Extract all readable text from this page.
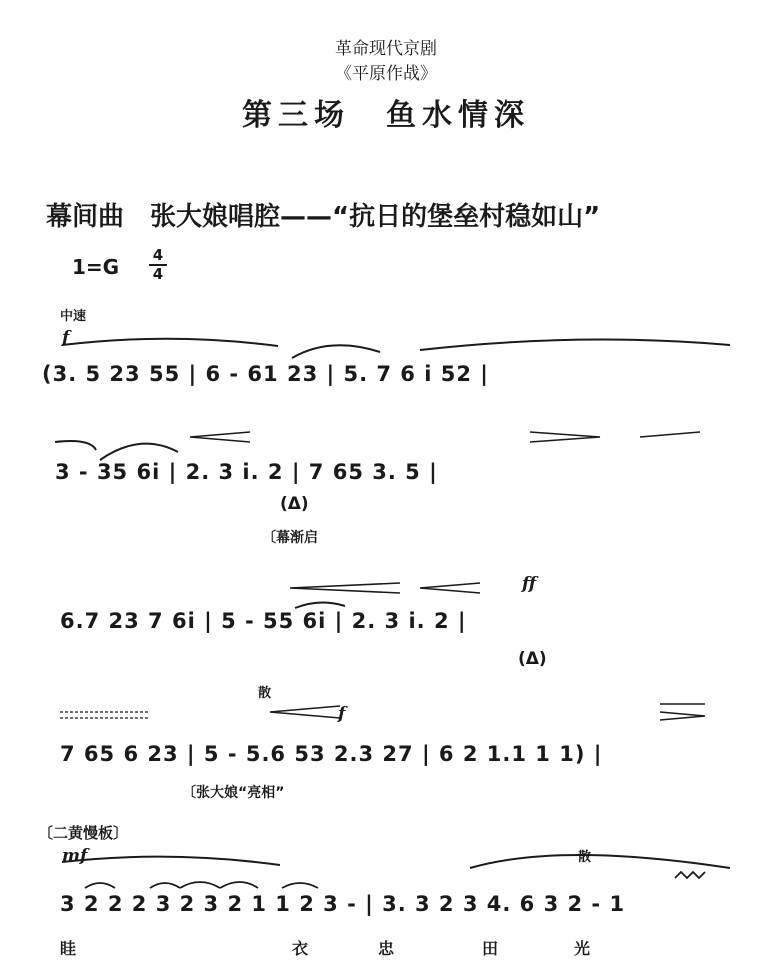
革命现代京剧
《平原作战》
第三场　鱼水情深
幕间曲　张大娘唱腔——“抗日的堡垒村稳如山”
1=G	4
4
中速
f
(3. 5 23 55 | 6 - 61 23 | 5. 7 6 i 52 |
3 - 35 6i | 2. 3 i. 2 | 7 65 3. 5 |
(Δ)
〔幕渐启
ff
6.7 23 7 6i | 5 - 55 6i | 2. 3 i. 2 |
(Δ)
散
f
7 65 6 23 | 5 - 5.6 53 2.3 27 | 6 2 1.1 1 1) |
〔张大娘“亮相”
〔二黄慢板〕
mf	散
3 2 2 2 3 2 3 2 1 1 2 3 - | 3. 3 2 3 4. 6 3 2 - 1
眭	衣	忠	田	光
